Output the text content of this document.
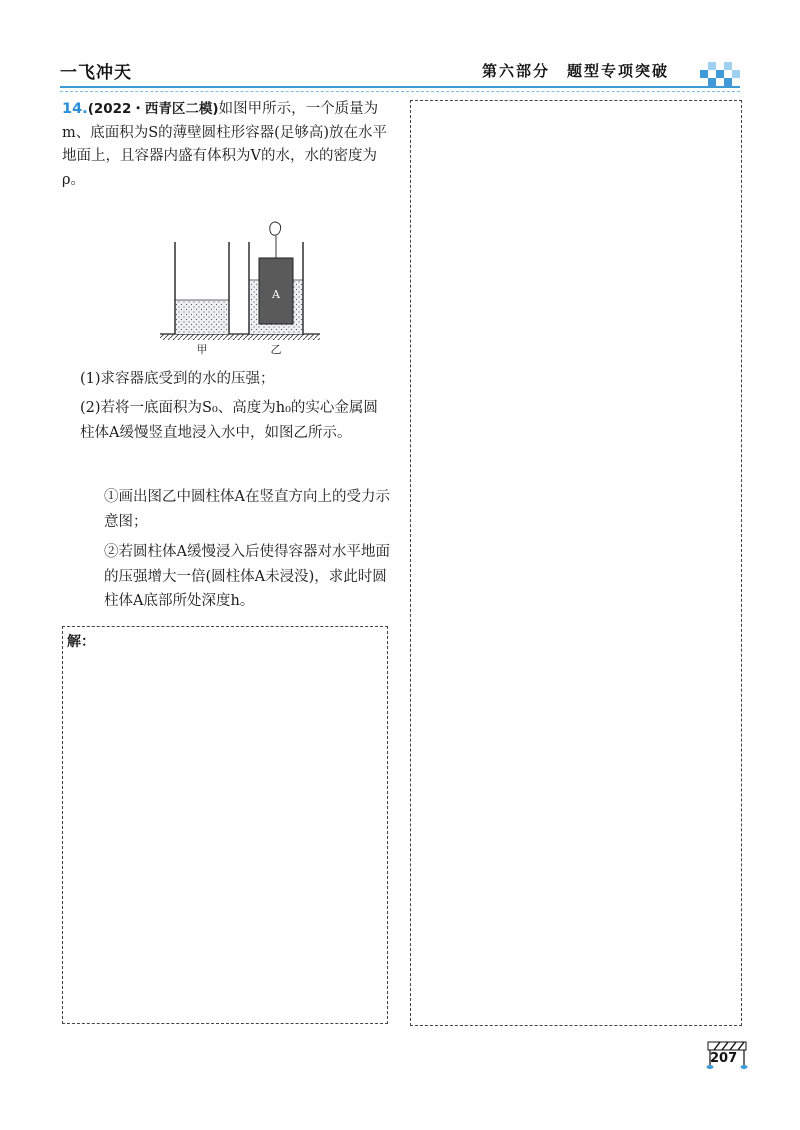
一飞冲天	第六部分　题型专项突破
14.(2022・西青区二模)如图甲所示，一个质量为m、底面积为S的薄壁圆柱形容器(足够高)放在水平地面上，且容器内盛有体积为V的水，水的密度为ρ。
A
甲	乙
(1)求容器底受到的水的压强；
(2)若将一底面积为S₀、高度为h₀的实心金属圆柱体A缓慢竖直地浸入水中，如图乙所示。
①画出图乙中圆柱体A在竖直方向上的受力示意图；
②若圆柱体A缓慢浸入后使得容器对水平地面的压强增大一倍(圆柱体A未浸没)，求此时圆柱体A底部所处深度h。
解：
207
